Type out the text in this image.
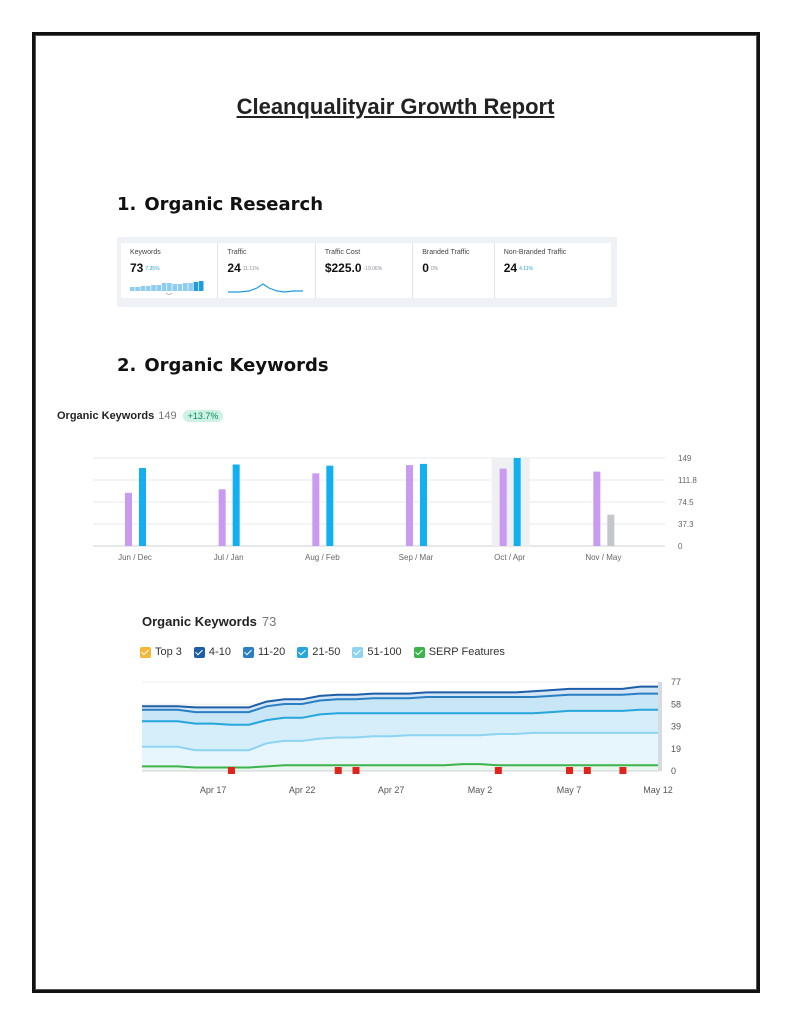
Cleanqualityair Growth Report
1. Organic Research
Keywords
73 7.35%
Traffic
24 11.11%
Traffic Cost
$225.0 -19.06%
Branded Traffic
0 0%
Non-Branded Traffic
24 4.11%
2. Organic Keywords
Organic Keywords 149 +13.7%
149
111.8
74.5
37.3
0
Jun / Dec	Jul / Jan	Aug / Feb	Sep / Mar	Oct / Apr	Nov / May
Organic Keywords 73
Top 3 4-10 11-20 21-50 51-100 SERP Features
77
58
39
19
0
Apr 17	Apr 22	Apr 27	May 2	May 7	May 12
